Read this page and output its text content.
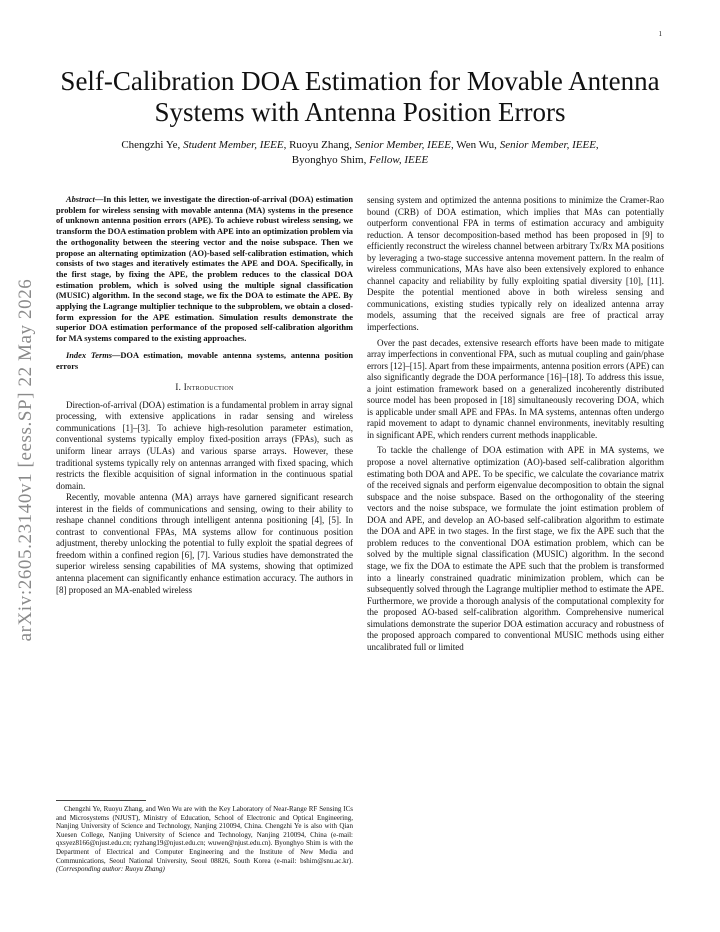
1
arXiv:2605.23140v1 [eess.SP] 22 May 2026
Self-Calibration DOA Estimation for Movable Antenna Systems with Antenna Position Errors
Chengzhi Ye, Student Member, IEEE, Ruoyu Zhang, Senior Member, IEEE, Wen Wu, Senior Member, IEEE,
Byonghyo Shim, Fellow, IEEE
Abstract—In this letter, we investigate the direction-of-arrival (DOA) estimation problem for wireless sensing with movable antenna (MA) systems in the presence of unknown antenna position errors (APE). To achieve robust wireless sensing, we transform the DOA estimation problem with APE into an optimization problem via the orthogonality between the steering vector and the noise subspace. Then we propose an alternating optimization (AO)-based self-calibration estimation, which consists of two stages and iteratively estimates the APE and DOA. Specifically, in the first stage, by fixing the APE, the problem reduces to the classical DOA estimation problem, which is solved using the multiple signal classification (MUSIC) algorithm. In the second stage, we fix the DOA to estimate the APE. By applying the Lagrange multiplier technique to the subproblem, we obtain a closed-form expression for the APE estimation. Simulation results demonstrate the superior DOA estimation performance of the proposed self-calibration algorithm for MA systems compared to the existing approaches.
Index Terms—DOA estimation, movable antenna systems, antenna position errors
I. Introduction

Direction-of-arrival (DOA) estimation is a fundamental problem in array signal processing, with extensive applications in radar sensing and wireless communications [1]–[3]. To achieve high-resolution parameter estimation, conventional systems typically employ fixed-position arrays (FPAs), such as uniform linear arrays (ULAs) and various sparse arrays. However, these traditional systems typically rely on antennas arranged with fixed spacing, which restricts the flexible acquisition of signal information in the continuous spatial domain.

Recently, movable antenna (MA) arrays have garnered significant research interest in the fields of communications and sensing, owing to their ability to reshape channel conditions through intelligent antenna positioning [4], [5]. In contrast to conventional FPAs, MA systems allow for continuous position adjustment, thereby unlocking the potential to fully exploit the spatial degrees of freedom within a confined region [6], [7]. Various studies have demonstrated the superior wireless sensing capabilities of MA systems, showing that optimized antenna placement can significantly enhance estimation accuracy. The authors in [8] proposed an MA-enabled wireless

sensing system and optimized the antenna positions to minimize the Cramer-Rao bound (CRB) of DOA estimation, which implies that MAs can potentially outperform conventional FPA in terms of estimation accuracy and ambiguity reduction. A tensor decomposition-based method has been proposed in [9] to efficiently reconstruct the wireless channel between arbitrary Tx/Rx MA positions by leveraging a two-stage successive antenna movement pattern. In the realm of wireless communications, MAs have also been extensively explored to enhance channel capacity and reliability by fully exploiting spatial diversity [10], [11]. Despite the potential mentioned above in both wireless sensing and communications, existing studies typically rely on idealized antenna array models, assuming that the received signals are free of practical array imperfections.

Over the past decades, extensive research efforts have been made to mitigate array imperfections in conventional FPA, such as mutual coupling and gain/phase errors [12]–[15]. Apart from these impairments, antenna position errors (APE) can also significantly degrade the DOA performance [16]–[18]. To address this issue, a joint estimation framework based on a generalized incoherently distributed source model has been proposed in [18] simultaneously recovering DOA, which is applicable under small APE and FPAs. In MA systems, antennas often undergo rapid movement to adapt to dynamic channel environments, inevitably resulting in significant APE, which renders current methods inapplicable.

To tackle the challenge of DOA estimation with APE in MA systems, we propose a novel alternative optimization (AO)-based self-calibration algorithm estimating both DOA and APE. To be specific, we calculate the covariance matrix of the received signals and perform eigenvalue decomposition to obtain the signal subspace and the noise subspace. Based on the orthogonality of the steering vectors and the noise subspace, we formulate the joint estimation problem of DOA and APE, and develop an AO-based self-calibration algorithm to estimate the DOA and APE in two stages. In the first stage, we fix the APE such that the problem reduces to the conventional DOA estimation problem, which can be solved by the multiple signal classification (MUSIC) algorithm. In the second stage, we fix the DOA to estimate the APE such that the problem is transformed into a linearly constrained quadratic minimization problem, which can be subsequently solved through the Lagrange multiplier method to estimate the APE. Furthermore, we provide a thorough analysis of the computational complexity for the proposed AO-based self-calibration algorithm. Comprehensive numerical simulations demonstrate the superior DOA estimation accuracy and robustness of the proposed approach compared to conventional MUSIC methods using either uncalibrated full or limited

Chengzhi Ye, Ruoyu Zhang, and Wen Wu are with the Key Laboratory of Near-Range RF Sensing ICs and Microsystems (NJUST), Ministry of Education, School of Electronic and Optical Engineering, Nanjing University of Science and Technology, Nanjing 210094, China. Chengzhi Ye is also with Qian Xuesen College, Nanjing University of Science and Technology, Nanjing 210094, China (e-mail: qxsyez8166@njust.edu.cn; ryzhang19@njust.edu.cn; wuwen@njust.edu.cn). Byonghyo Shim is with the Department of Electrical and Computer Engineering and the Institute of New Media and Communications, Seoul National University, Seoul 08826, South Korea (e-mail: bshim@snu.ac.kr). (Corresponding author: Ruoyu Zhang)
